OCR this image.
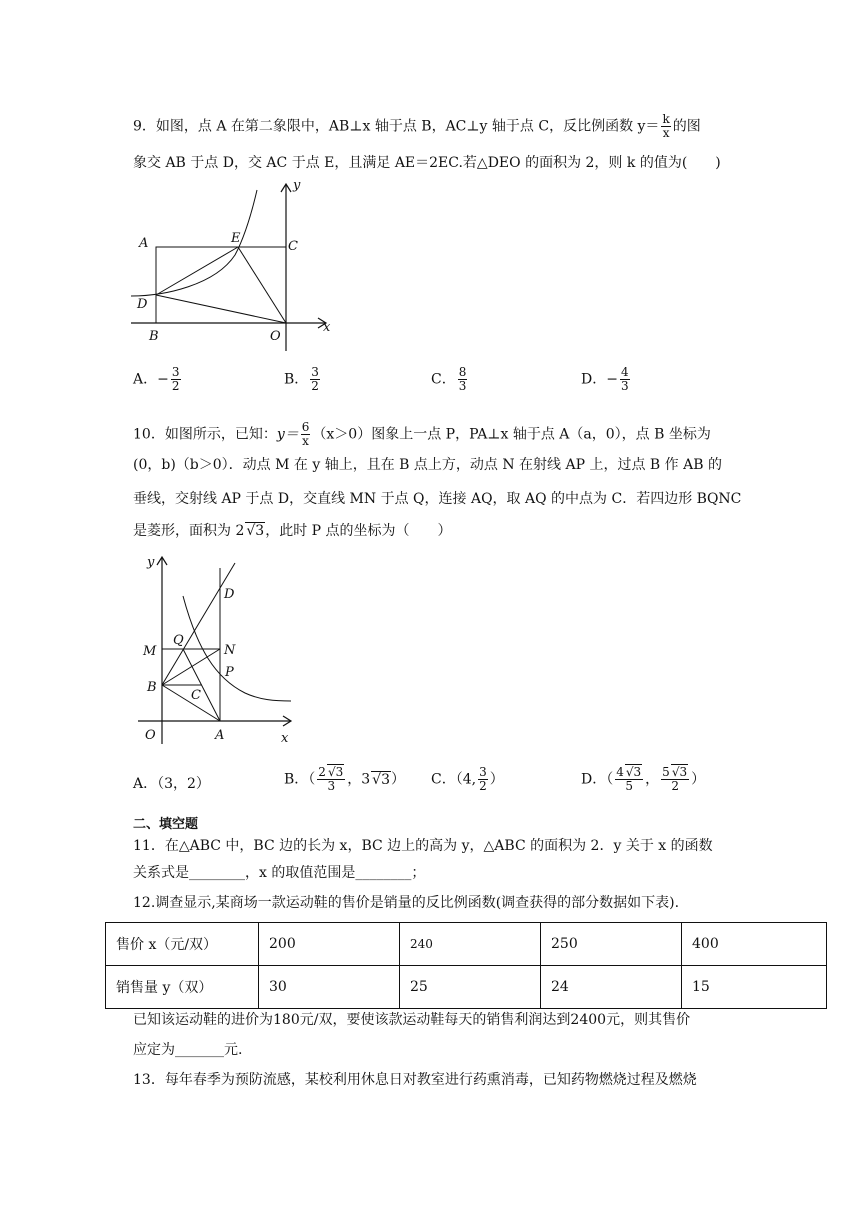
9．如图，点 A 在第二象限中，AB⊥x 轴于点 B，AC⊥y 轴于点 C，反比例函数 $y= \frac{k}{x}$ 的图
象交 AB 于点 D，交 AC 于点 E，且满足 AE＝2EC.若△DEO 的面积为 2，则 k 的值为(　　)
A	E
C
D
B	O
x
y
A．− $\frac{3}{2}$	B． $\frac{3}{2}$	C． $\frac{8}{3}$	D．− $\frac{4}{3}$
10．如图所示，已知：$y= \frac{6}{x} (x>0)$图象上一点 P，PA⊥x 轴于点 A（a，0），点 B 坐标为
(0，b)（b＞0）．动点 M 在 y 轴上，且在 B 点上方，动点 N 在射线 AP 上，过点 B 作 AB 的
垂线，交射线 AP 于点 D，交直线 MN 于点 Q，连接 AQ，取 AQ 的中点为 C．若四边形 BQNC
是菱形，面积为 2 √3，此时 P 点的坐标为（　　）
y
D
Q
M	N
P
B
C
O	A	x
A．（3，2）	B．（ $\frac{2 √3}{3}$ ，3 √3） C．（4, $\frac{3}{2}$ ）	D．（ $\frac{4 √3}{5}$ ， $\frac{5 √3}{2}$ ）
二、填空题
11．在△ABC 中，BC 边的长为 x，BC 边上的高为 y，△ABC 的面积为 2．y 关于 x 的函数
关系式是________，x 的取值范围是________；
12.调查显示,某商场一款运动鞋的售价是销量的反比例函数(调查获得的部分数据如下表).
售价 x（元/双）	200	240	250	400
销售量 y（双）	30	25	24	15
已知该运动鞋的进价为180元/双，要使该款运动鞋每天的销售利润达到2400元，则其售价
应定为_______元.
13．每年春季为预防流感，某校利用休息日对教室进行药熏消毒，已知药物燃烧过程及燃烧
